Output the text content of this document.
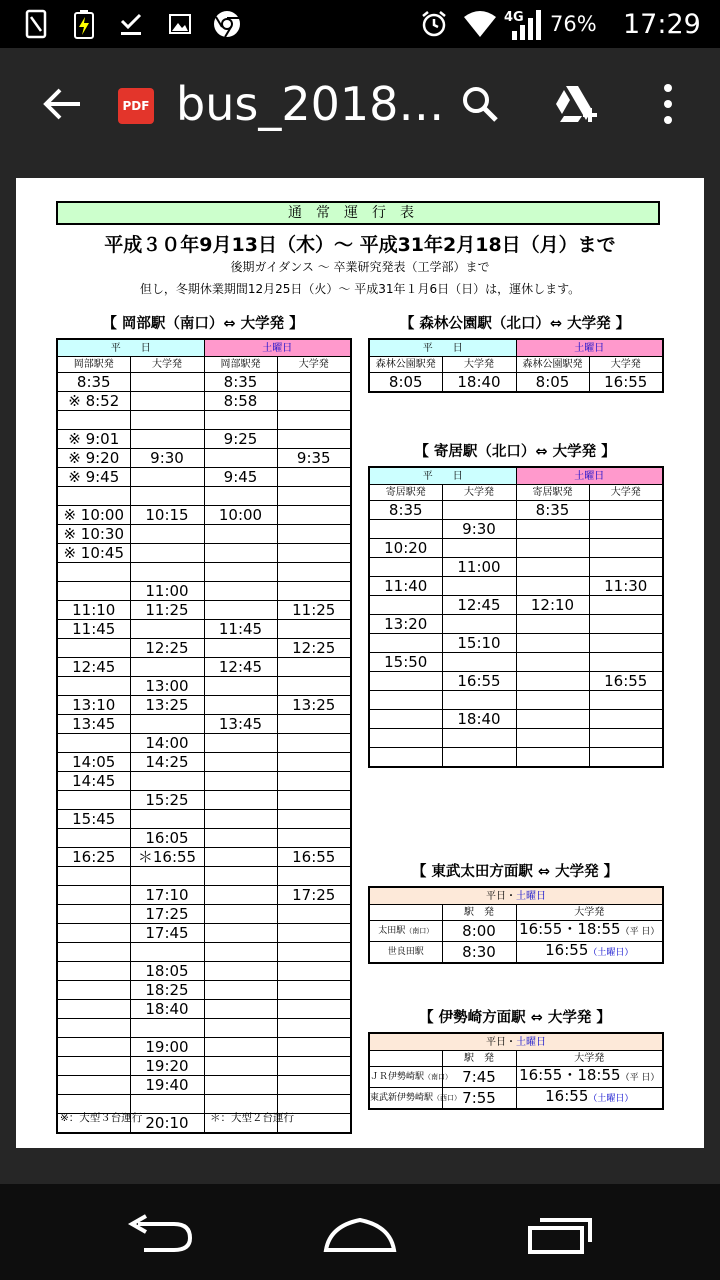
4G 76% 17:29
PDF bus_2018…
通常運行表
平成３０年9月13日（木）～ 平成31年2月18日（月）まで
後期ガイダンス ～ 卒業研究発表（工学部）まで
但し，冬期休業期間12月25日（火）～ 平成31年１月6日（日）は，運休します。
【 岡部駅（南口）⇔ 大学発 】
平　　日		土曜日	
岡部駅発	大学発	岡部駅発	大学発
8:35		8:35	
※ 8:52		8:58	

※ 9:01		9:25	
※ 9:20	9:30		9:35
※ 9:45		9:45	

※ 10:00	10:15	10:00	
※ 10:30			
※ 10:45			

	11:00		
11:10	11:25		11:25
11:45		11:45	
	12:25		12:25
12:45		12:45	
	13:00		
13:10	13:25		13:25
13:45		13:45	
	14:00		
14:05	14:25		
14:45			
	15:25		
15:45			
	16:05		
16:25	＊16:55		16:55

	17:10		17:25
	17:25		
	17:45		

	18:05		
	18:25		
	18:40		

	19:00		
	19:20		
	19:40		

	20:10		
※：大型３台運行	＊：大型２台運行
【 森林公園駅（北口）⇔ 大学発 】
平　　日		土曜日	
森林公園駅発	大学発	森林公園駅発	大学発
8:05	18:40	8:05	16:55
【 寄居駅（北口）⇔ 大学発 】
平　　日		土曜日	
寄居駅発	大学発	寄居駅発	大学発
8:35		8:35	
	9:30		
10:20			
	11:00		
11:40			11:30
	12:45	12:10	
13:20			
	15:10		
15:50			
	16:55		16:55

	18:40		

【 東武太田方面駅 ⇔ 大学発 】
平日・土曜日		
	駅　発	大学発
太田駅（南口）	8:00	16:55・18:55（平 日）
世良田駅	8:30	16:55（土曜日）
【 伊勢崎方面駅 ⇔ 大学発 】
平日・土曜日		
	駅　発	大学発
ＪＲ伊勢崎駅（南口）	7:45	16:55・18:55（平 日）
東武新伊勢崎駅（西口）	7:55	16:55（土曜日）
